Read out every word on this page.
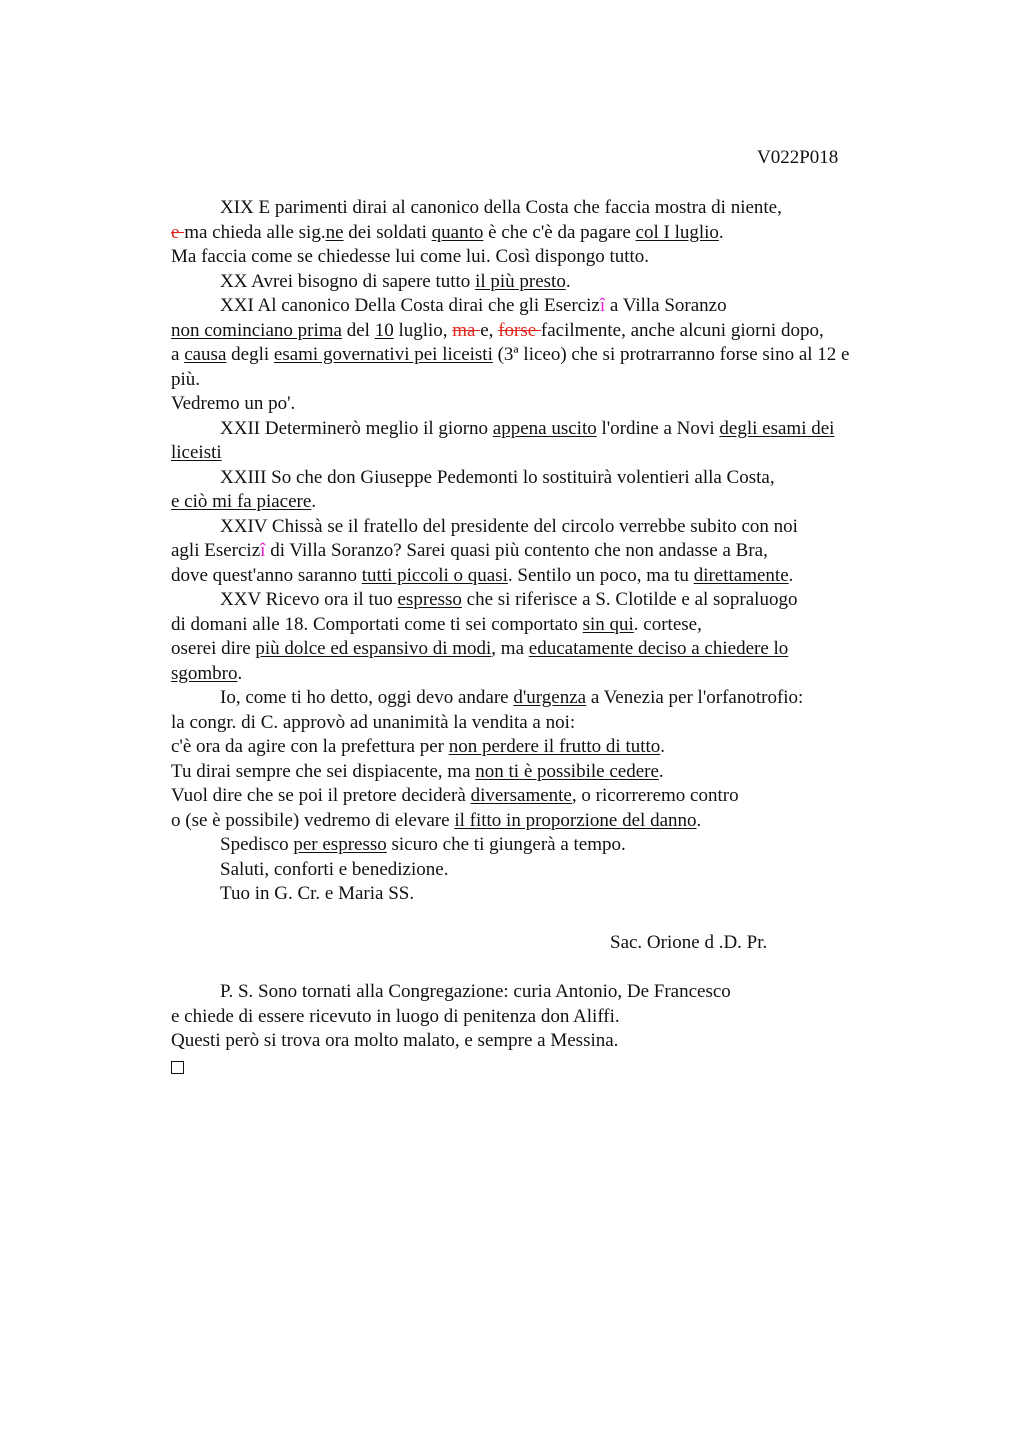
V022P018
XIX E parimenti dirai al canonico della Costa che faccia mostra di niente,
e ma chieda alle sig.ne dei soldati quanto è che c'è da pagare col I luglio.
Ma faccia come se chiedesse lui come lui. Così dispongo tutto.
XX Avrei bisogno di sapere tutto il più presto.
XXI Al canonico Della Costa dirai che gli Esercizî a Villa Soranzo
non cominciano prima del 10 luglio, ma e, forse facilmente, anche alcuni giorni dopo,
a causa degli esami governativi pei liceisti (3ª liceo) che si protrarranno forse sino al 12 e
più.
Vedremo un po'.
XXII Determinerò meglio il giorno appena uscito l'ordine a Novi degli esami dei
liceisti
XXIII So che don Giuseppe Pedemonti lo sostituirà volentieri alla Costa,
e ciò mi fa piacere.
XXIV Chissà se il fratello del presidente del circolo verrebbe subito con noi
agli Esercizî di Villa Soranzo? Sarei quasi più contento che non andasse a Bra,
dove quest'anno saranno tutti piccoli o quasi. Sentilo un poco, ma tu direttamente.
XXV Ricevo ora il tuo espresso che si riferisce a S. Clotilde e al sopraluogo
di domani alle 18. Comportati come ti sei comportato sin qui. cortese,
oserei dire più dolce ed espansivo di modi, ma educatamente deciso a chiedere lo
sgombro.
Io, come ti ho detto, oggi devo andare d'urgenza a Venezia per l'orfanotrofio:
la congr. di C. approvò ad unanimità la vendita a noi:
c'è ora da agire con la prefettura per non perdere il frutto di tutto.
Tu dirai sempre che sei dispiacente, ma non ti è possibile cedere.
Vuol dire che se poi il pretore deciderà diversamente, o ricorreremo contro
o (se è possibile) vedremo di elevare il fitto in proporzione del danno.
Spedisco per espresso sicuro che ti giungerà a tempo.
Saluti, conforti e benedizione.
Tuo in G. Cr. e Maria SS.
Sac. Orione d .D. Pr.
P. S. Sono tornati alla Congregazione: curia Antonio, De Francesco
e chiede di essere ricevuto in luogo di penitenza don Aliffi.
Questi però si trova ora molto malato, e sempre a Messina.
